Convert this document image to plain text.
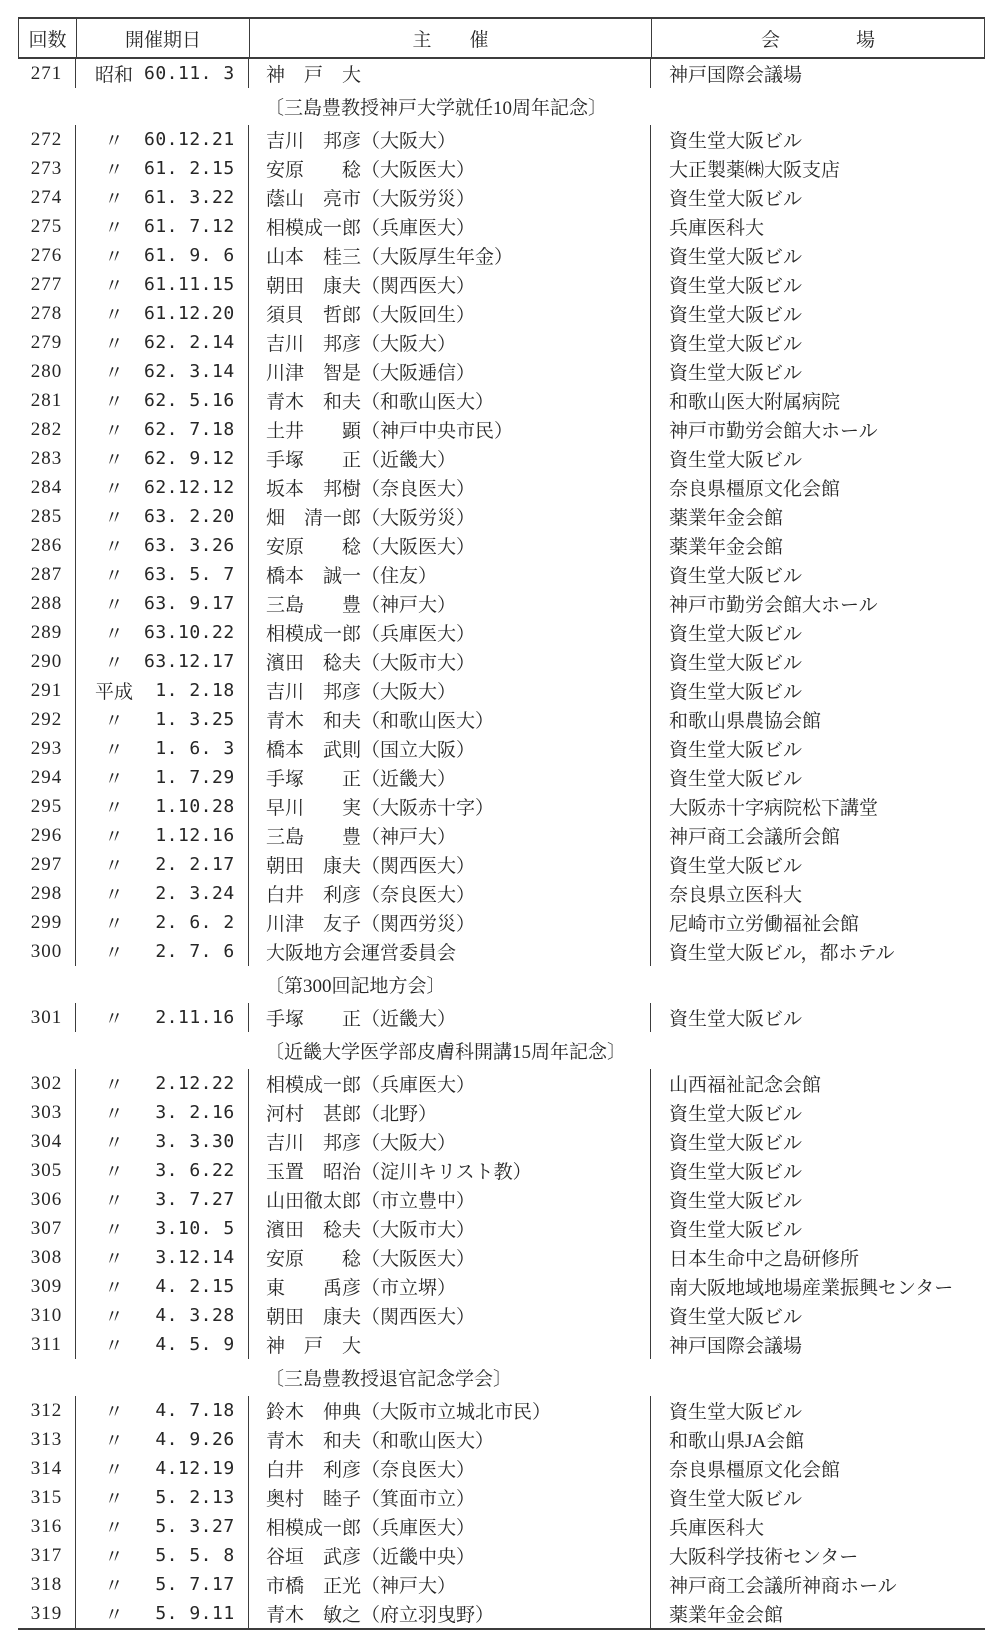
回数	開催期日	主　　催	会　　　　場
271	昭和 60.11. 3	神　戸　大	神戸国際会議場
〔三島豊教授神戸大学就任10周年記念〕
272	〃	60.12.21	吉川　邦彦（大阪大）	資生堂大阪ビル
273	〃	61. 2.15	安原　　稔（大阪医大）	大正製薬㈱大阪支店
274	〃	61. 3.22	蔭山　亮市（大阪労災）	資生堂大阪ビル
275	〃	61. 7.12	相模成一郎（兵庫医大）	兵庫医科大
276	〃	61. 9. 6	山本　桂三（大阪厚生年金）	資生堂大阪ビル
277	〃	61.11.15	朝田　康夫（関西医大）	資生堂大阪ビル
278	〃	61.12.20	須貝　哲郎（大阪回生）	資生堂大阪ビル
279	〃	62. 2.14	吉川　邦彦（大阪大）	資生堂大阪ビル
280	〃	62. 3.14	川津　智是（大阪逓信）	資生堂大阪ビル
281	〃	62. 5.16	青木　和夫（和歌山医大）	和歌山医大附属病院
282	〃	62. 7.18	土井　　顕（神戸中央市民）	神戸市勤労会館大ホール
283	〃	62. 9.12	手塚　　正（近畿大）	資生堂大阪ビル
284	〃	62.12.12	坂本　邦樹（奈良医大）	奈良県橿原文化会館
285	〃	63. 2.20	畑　清一郎（大阪労災）	薬業年金会館
286	〃	63. 3.26	安原　　稔（大阪医大）	薬業年金会館
287	〃	63. 5. 7	橋本　誠一（住友）	資生堂大阪ビル
288	〃	63. 9.17	三島　　豊（神戸大）	神戸市勤労会館大ホール
289	〃	63.10.22	相模成一郎（兵庫医大）	資生堂大阪ビル
290	〃	63.12.17	濱田　稔夫（大阪市大）	資生堂大阪ビル
291	平成 1. 2.18	吉川　邦彦（大阪大）	資生堂大阪ビル
292	〃	1. 3.25	青木　和夫（和歌山医大）	和歌山県農協会館
293	〃	1. 6. 3	橋本　武則（国立大阪）	資生堂大阪ビル
294	〃	1. 7.29	手塚　　正（近畿大）	資生堂大阪ビル
295	〃	1.10.28	早川　　実（大阪赤十字）	大阪赤十字病院松下講堂
296	〃	1.12.16	三島　　豊（神戸大）	神戸商工会議所会館
297	〃	2. 2.17	朝田　康夫（関西医大）	資生堂大阪ビル
298	〃	2. 3.24	白井　利彦（奈良医大）	奈良県立医科大
299	〃	2. 6. 2	川津　友子（関西労災）	尼崎市立労働福祉会館
300	〃	2. 7. 6	大阪地方会運営委員会	資生堂大阪ビル，都ホテル
〔第300回記地方会〕
301	〃	2.11.16	手塚　　正（近畿大）	資生堂大阪ビル
〔近畿大学医学部皮膚科開講15周年記念〕
302	〃	2.12.22	相模成一郎（兵庫医大）	山西福祉記念会館
303	〃	3. 2.16	河村　甚郎（北野）	資生堂大阪ビル
304	〃	3. 3.30	吉川　邦彦（大阪大）	資生堂大阪ビル
305	〃	3. 6.22	玉置　昭治（淀川キリスト教）	資生堂大阪ビル
306	〃	3. 7.27	山田徹太郎（市立豊中）	資生堂大阪ビル
307	〃	3.10. 5	濱田　稔夫（大阪市大）	資生堂大阪ビル
308	〃	3.12.14	安原　　稔（大阪医大）	日本生命中之島研修所
309	〃	4. 2.15	東　　禹彦（市立堺）	南大阪地域地場産業振興センター
310	〃	4. 3.28	朝田　康夫（関西医大）	資生堂大阪ビル
311	〃	4. 5. 9	神　戸　大	神戸国際会議場
〔三島豊教授退官記念学会〕
312	〃	4. 7.18	鈴木　伸典（大阪市立城北市民）	資生堂大阪ビル
313	〃	4. 9.26	青木　和夫（和歌山医大）	和歌山県JA会館
314	〃	4.12.19	白井　利彦（奈良医大）	奈良県橿原文化会館
315	〃	5. 2.13	奥村　睦子（箕面市立）	資生堂大阪ビル
316	〃	5. 3.27	相模成一郎（兵庫医大）	兵庫医科大
317	〃	5. 5. 8	谷垣　武彦（近畿中央）	大阪科学技術センター
318	〃	5. 7.17	市橋　正光（神戸大）	神戸商工会議所神商ホール
319	〃	5. 9.11	青木　敏之（府立羽曳野）	薬業年金会館
